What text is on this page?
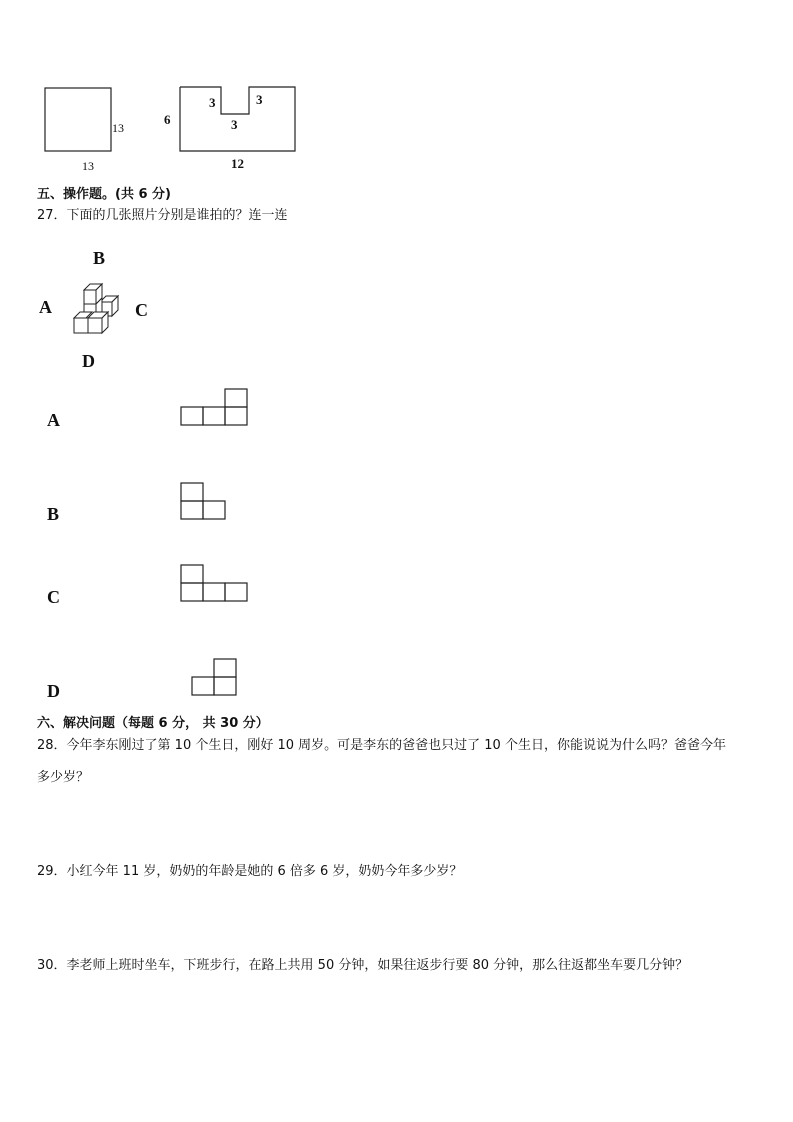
13
13
6
3	3
3
12
五、操作题。(共 6 分)
27．下面的几张照片分别是谁拍的？连一连
B
A	C
D
A
B
C
D
六、解决问题（每题 6 分， 共 30 分）
28．今年李东刚过了第 10 个生日，刚好 10 周岁。可是李东的爸爸也只过了 10 个生日，你能说说为什么吗？爸爸今年
多少岁？
29．小红今年 11 岁，奶奶的年龄是她的 6 倍多 6 岁，奶奶今年多少岁？
30．李老师上班时坐车，下班步行，在路上共用 50 分钟，如果往返步行要 80 分钟，那么往返都坐车要几分钟？
